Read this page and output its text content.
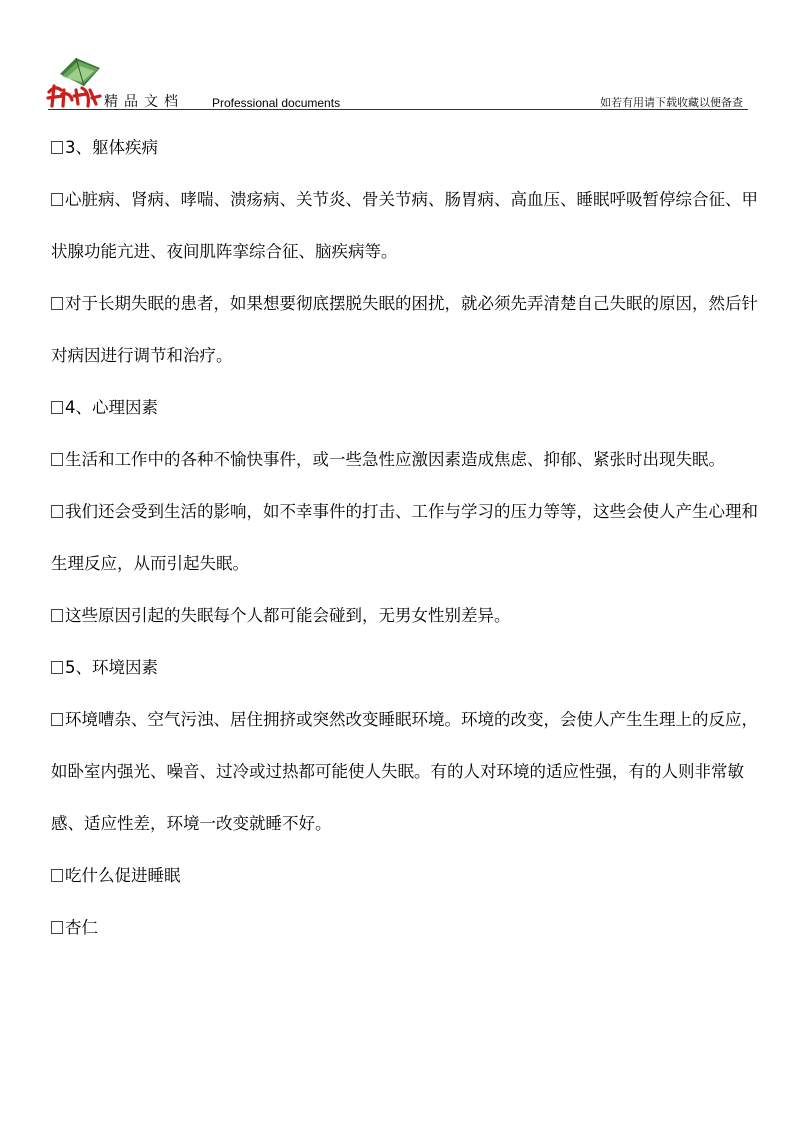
精品文档 Professional documents	如若有用请下载收藏以便备查

3、躯体疾病

心脏病、肾病、哮喘、溃疡病、关节炎、骨关节病、肠胃病、高血压、睡眠呼吸暂停综合征、甲状腺功能亢进、夜间肌阵挛综合征、脑疾病等。

对于长期失眠的患者，如果想要彻底摆脱失眠的困扰，就必须先弄清楚自己失眠的原因，然后针对病因进行调节和治疗。

4、心理因素

生活和工作中的各种不愉快事件，或一些急性应激因素造成焦虑、抑郁、紧张时出现失眠。

我们还会受到生活的影响，如不幸事件的打击、工作与学习的压力等等，这些会使人产生心理和生理反应，从而引起失眠。

这些原因引起的失眠每个人都可能会碰到，无男女性别差异。

5、环境因素

环境嘈杂、空气污浊、居住拥挤或突然改变睡眠环境。环境的改变，会使人产生生理上的反应，如卧室内强光、噪音、过冷或过热都可能使人失眠。有的人对环境的适应性强，有的人则非常敏感、适应性差，环境一改变就睡不好。

吃什么促进睡眠

杏仁
